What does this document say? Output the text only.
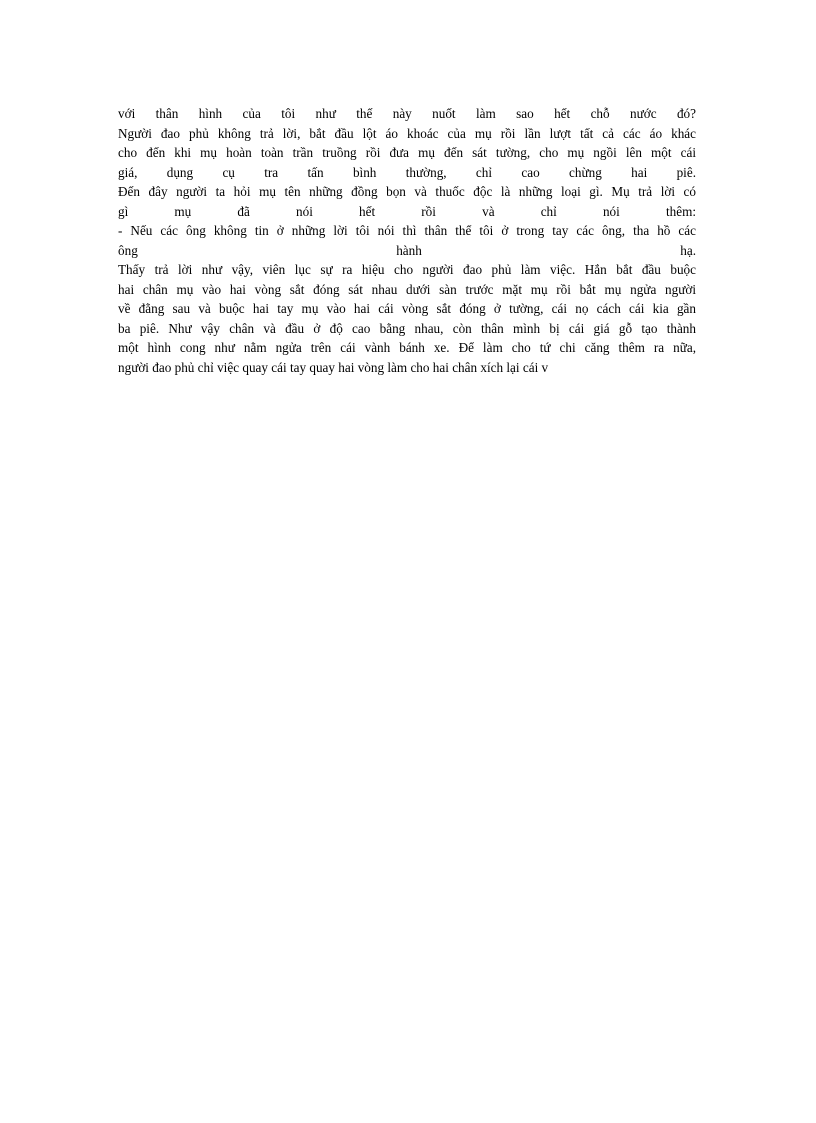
với thân hình của tôi như thế này nuốt làm sao hết chỗ nước đó?
Người đao phủ không trả lời, bắt đầu lột áo khoác của mụ rồi lần lượt tất cả các áo khác
cho đến khi mụ hoàn toàn trần truồng rồi đưa mụ đến sát tường, cho mụ ngồi lên một cái
giá, dụng cụ tra tấn bình thường, chỉ cao chừng hai piê.
Đến đây người ta hỏi mụ tên những đồng bọn và thuốc độc là những loại gì. Mụ trả lời có
gì mụ đã nói hết rồi và chỉ nói thêm:
- Nếu các ông không tin ở những lời tôi nói thì thân thể tôi ở trong tay các ông, tha hồ các
ông hành hạ.
Thấy trả lời như vậy, viên lục sự ra hiệu cho người đao phủ làm việc. Hắn bắt đầu buộc
hai chân mụ vào hai vòng sắt đóng sát nhau dưới sàn trước mặt mụ rồi bắt mụ ngửa người
về đằng sau và buộc hai tay mụ vào hai cái vòng sắt đóng ở tường, cái nọ cách cái kia gần
ba piê. Như vậy chân và đầu ở độ cao bằng nhau, còn thân mình bị cái giá gỗ tạo thành
một hình cong như nằm ngửa trên cái vành bánh xe. Để làm cho tứ chi căng thêm ra nữa,
người đao phủ chỉ việc quay cái tay quay hai vòng làm cho hai chân xích lại cái v
